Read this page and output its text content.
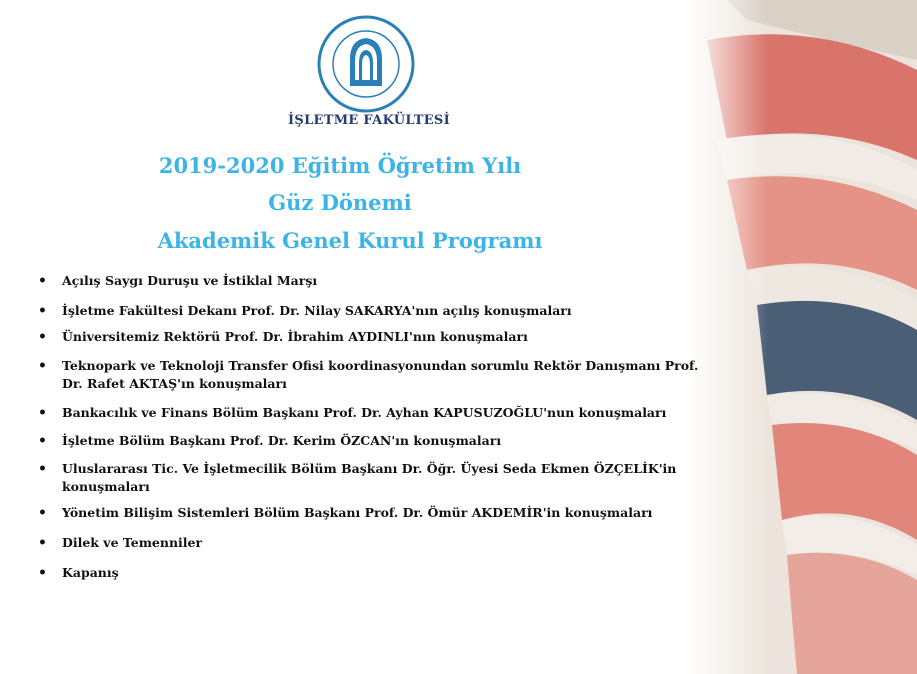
İŞLETME FAKÜLTESİ
2019-2020 Eğitim Öğretim Yılı
Güz Dönemi
Akademik Genel Kurul Programı
• Açılış Saygı Duruşu ve İstiklal Marşı
• İşletme Fakültesi Dekanı Prof. Dr. Nilay SAKARYA'nın açılış konuşmaları
• Üniversitemiz Rektörü Prof. Dr. İbrahim AYDINLI'nın konuşmaları
• Teknopark ve Teknoloji Transfer Ofisi koordinasyonundan sorumlu Rektör Danışmanı Prof. Dr. Rafet AKTAŞ'ın konuşmaları
• Bankacılık ve Finans Bölüm Başkanı Prof. Dr. Ayhan KAPUSUZOĞLU'nun konuşmaları
• İşletme Bölüm Başkanı Prof. Dr. Kerim ÖZCAN'ın konuşmaları
• Uluslararası Tic. Ve İşletmecilik Bölüm Başkanı Dr. Öğr. Üyesi Seda Ekmen ÖZÇELİK'in konuşmaları
• Yönetim Bilişim Sistemleri Bölüm Başkanı Prof. Dr. Ömür AKDEMİR'in konuşmaları
• Dilek ve Temenniler
• Kapanış
